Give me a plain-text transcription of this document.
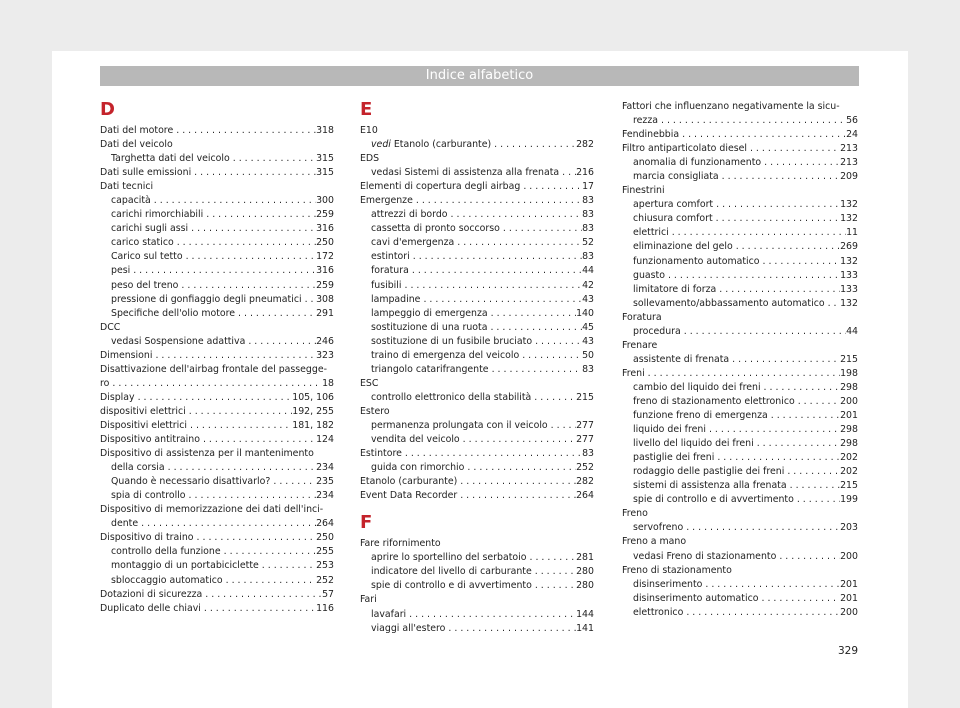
Indice alfabetico
D
Dati del motore . . .	318
Dati del veicolo
Targhetta dati del veicolo . . .	315
Dati sulle emissioni . . .	315
Dati tecnici
capacità . . .	300
carichi rimorchiabili . . .	259
carichi sugli assi . . .	316
carico statico . . .	250
Carico sul tetto . . .	172
pesi . . .	316
peso del treno . . .	259
pressione di gonfiaggio degli pneumatici . . . 308
Specifiche dell'olio motore . . .	291
DCC
vedasi Sospensione adattiva . . .	246
Dimensioni . . .	323
Disattivazione dell'airbag frontale del passegge-
ro . . .	18
Display . . .	105, 106
dispositivi elettrici . . .	192, 255
Dispositivi elettrici . . .	181, 182
Dispositivo antitraino . . .	124
Dispositivo di assistenza per il mantenimento
della corsia . . .	234
Quando è necessario disattivarlo? . . .	235
spia di controllo . . .	234
Dispositivo di memorizzazione dei dati dell'inci-
dente . . .	264
Dispositivo di traino . . .	250
controllo della funzione . . .	255
montaggio di un portabiciclette . . .	253
sbloccaggio automatico . . .	252
Dotazioni di sicurezza . . .	57
Duplicato delle chiavi . . .	116
E
E10
vedi Etanolo (carburante) . . .	282
EDS
vedasi Sistemi di assistenza alla frenata . . . 216
Elementi di copertura degli airbag . . .	17
Emergenze . . .	83
attrezzi di bordo . . .	83
cassetta di pronto soccorso . . .	83
cavi d'emergenza . . .	52
estintori . . .	83
foratura . . .	44
fusibili . . .	42
lampadine . . .	43
lampeggio di emergenza . . .	140
sostituzione di una ruota . . .	45
sostituzione di un fusibile bruciato . . .	43
traino di emergenza del veicolo . . .	50
triangolo catarifrangente . . .	83
ESC
controllo elettronico della stabilità . . .	215
Estero
permanenza prolungata con il veicolo . . .	277
vendita del veicolo . . .	277
Estintore . . .	83
guida con rimorchio . . .	252
Etanolo (carburante) . . .	282
Event Data Recorder . . .	264
F
Fare rifornimento
aprire lo sportellino del serbatoio . . .	281
indicatore del livello di carburante . . .	280
spie di controllo e di avvertimento . . .	280
Fari
lavafari . . .	144
viaggi all'estero . . .	141
Fattori che influenzano negativamente la sicu-
rezza . . .	56
Fendinebbia . . .	24
Filtro antiparticolato diesel . . .	213
anomalia di funzionamento . . .	213
marcia consigliata . . .	209
Finestrini
apertura comfort . . .	132
chiusura comfort . . .	132
elettrici . . .	11
eliminazione del gelo . . .	269
funzionamento automatico . . .	132
guasto . . .	133
limitatore di forza . . .	133
sollevamento/abbassamento automatico . . . 132
Foratura
procedura . . .	44
Frenare
assistente di frenata . . .	215
Freni . . .	198
cambio del liquido dei freni . . .	298
freno di stazionamento elettronico . . .	200
funzione freno di emergenza . . .	201
liquido dei freni . . .	298
livello del liquido dei freni . . .	298
pastiglie dei freni . . .	202
rodaggio delle pastiglie dei freni . . .	202
sistemi di assistenza alla frenata . . .	215
spie di controllo e di avvertimento . . .	199
Freno
servofreno . . .	203
Freno a mano
vedasi Freno di stazionamento . . .	200
Freno di stazionamento
disinserimento . . .	201
disinserimento automatico . . .	201
elettronico . . .	200
329
